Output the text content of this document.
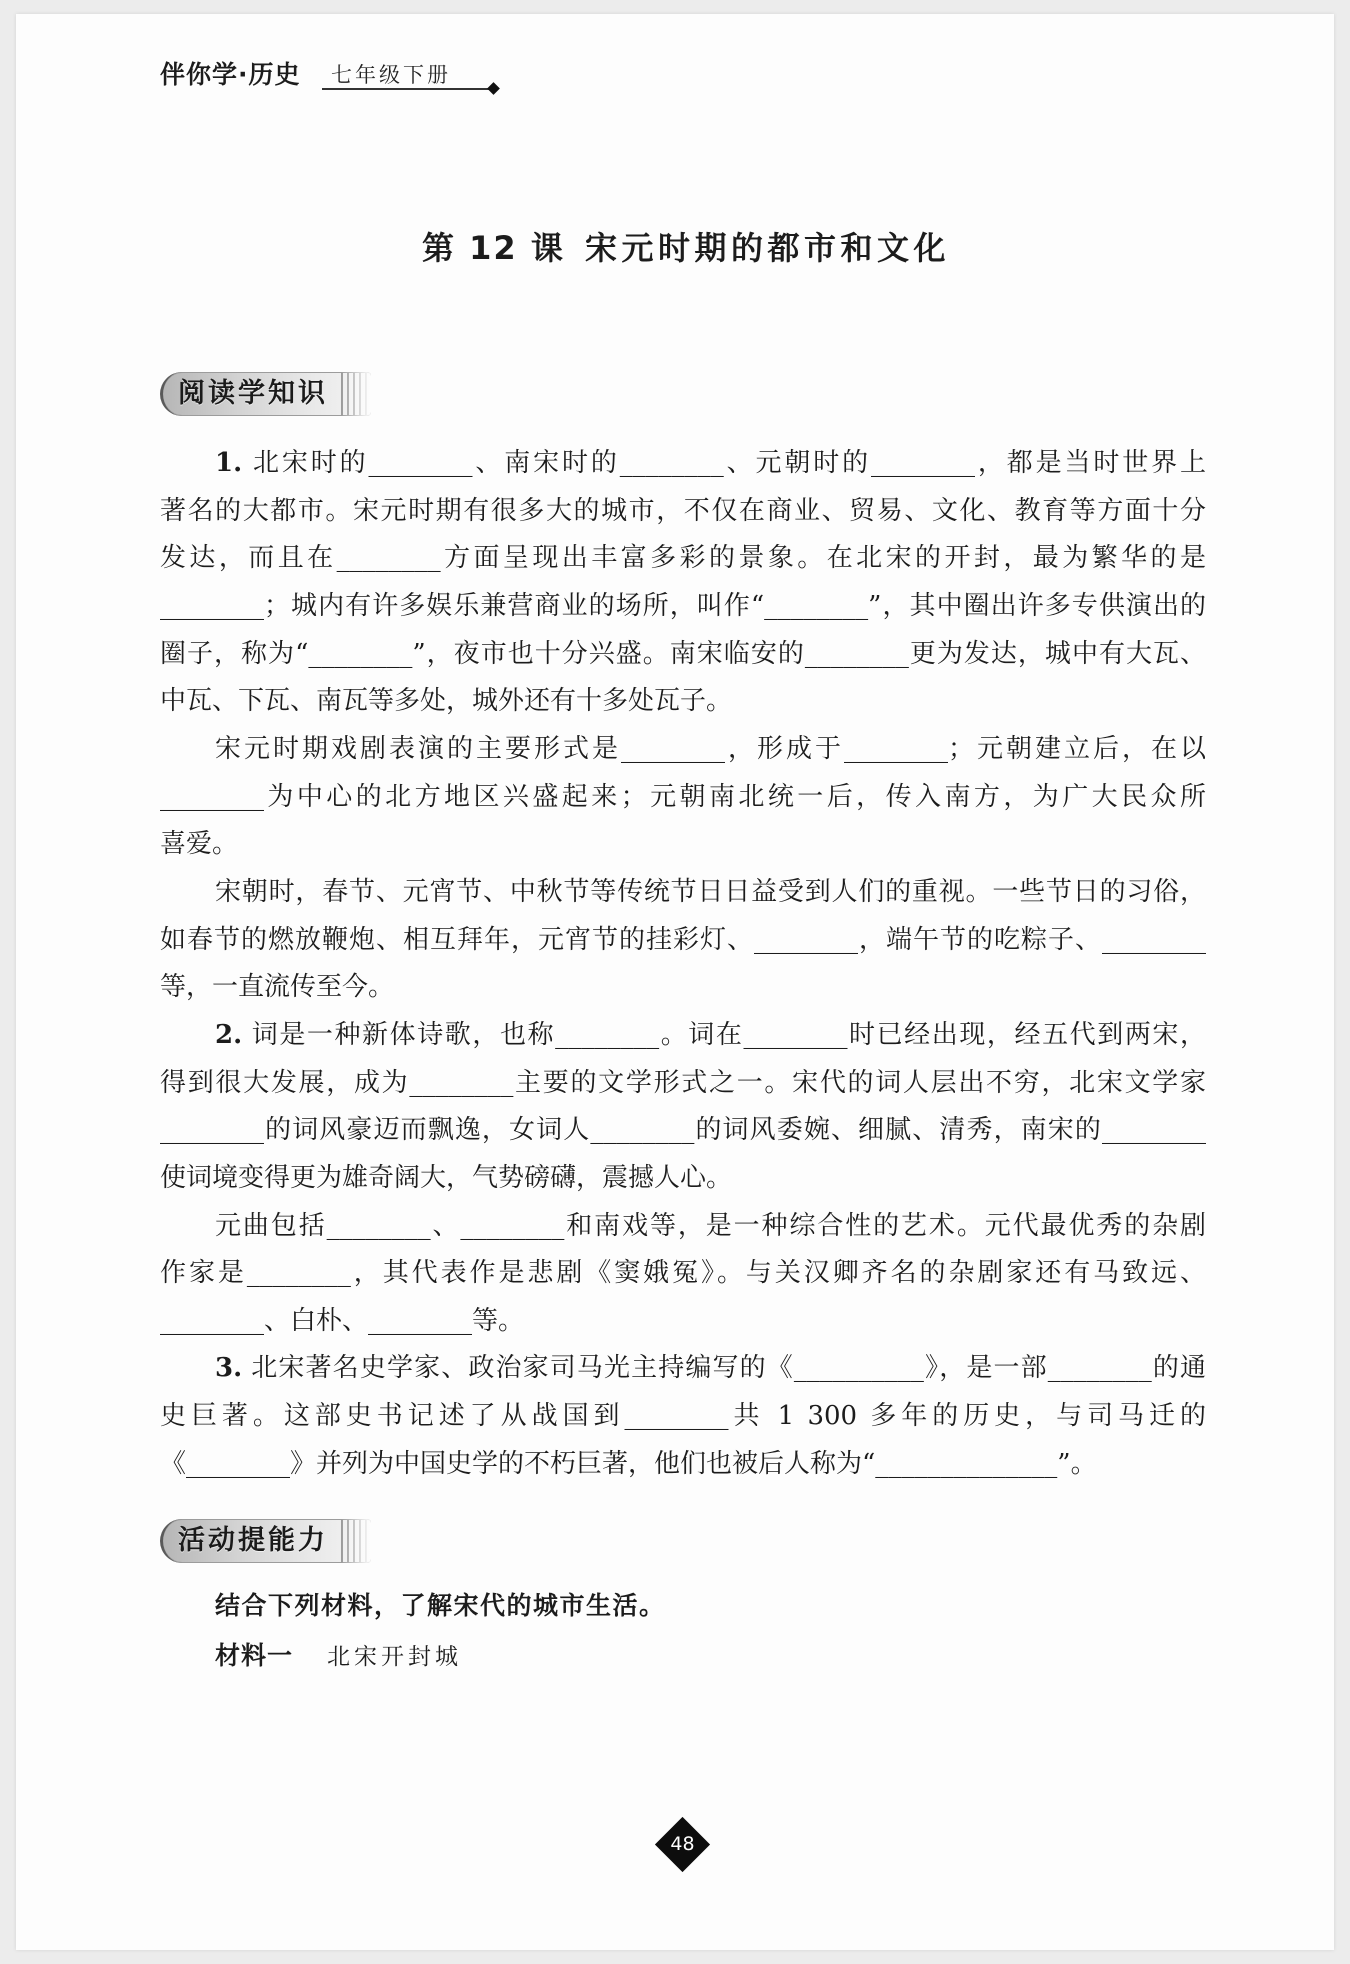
伴你学·历史 七年级下册
第 12 课 宋元时期的都市和文化
阅读学知识
1. 北宋时的________、南宋时的________、元朝时的________，都是当时世界上
著名的大都市。宋元时期有很多大的城市，不仅在商业、贸易、文化、教育等方面十分
发达，而且在________方面呈现出丰富多彩的景象。在北宋的开封，最为繁华的是
________；城内有许多娱乐兼营商业的场所，叫作“________”，其中圈出许多专供演出的
圈子，称为“________”，夜市也十分兴盛。南宋临安的________更为发达，城中有大瓦、
中瓦、下瓦、南瓦等多处，城外还有十多处瓦子。
宋元时期戏剧表演的主要形式是________，形成于________；元朝建立后，在以
________为中心的北方地区兴盛起来；元朝南北统一后，传入南方，为广大民众所
喜爱。
宋朝时，春节、元宵节、中秋节等传统节日日益受到人们的重视。一些节日的习俗，
如春节的燃放鞭炮、相互拜年，元宵节的挂彩灯、________，端午节的吃粽子、________
等，一直流传至今。
2. 词是一种新体诗歌，也称________。词在________时已经出现，经五代到两宋，
得到很大发展，成为________主要的文学形式之一。宋代的词人层出不穷，北宋文学家
________的词风豪迈而飘逸，女词人________的词风委婉、细腻、清秀，南宋的________
使词境变得更为雄奇阔大，气势磅礴，震撼人心。
元曲包括________、________和南戏等，是一种综合性的艺术。元代最优秀的杂剧
作家是________，其代表作是悲剧《窦娥冤》。与关汉卿齐名的杂剧家还有马致远、
________、白朴、________等。
3. 北宋著名史学家、政治家司马光主持编写的《__________》，是一部________的通
史巨著。这部史书记述了从战国到________共 1 300 多年的历史，与司马迁的
《________》并列为中国史学的不朽巨著，他们也被后人称为“______________”。
活动提能力
结合下列材料，了解宋代的城市生活。
材料一 北宋开封城
48
